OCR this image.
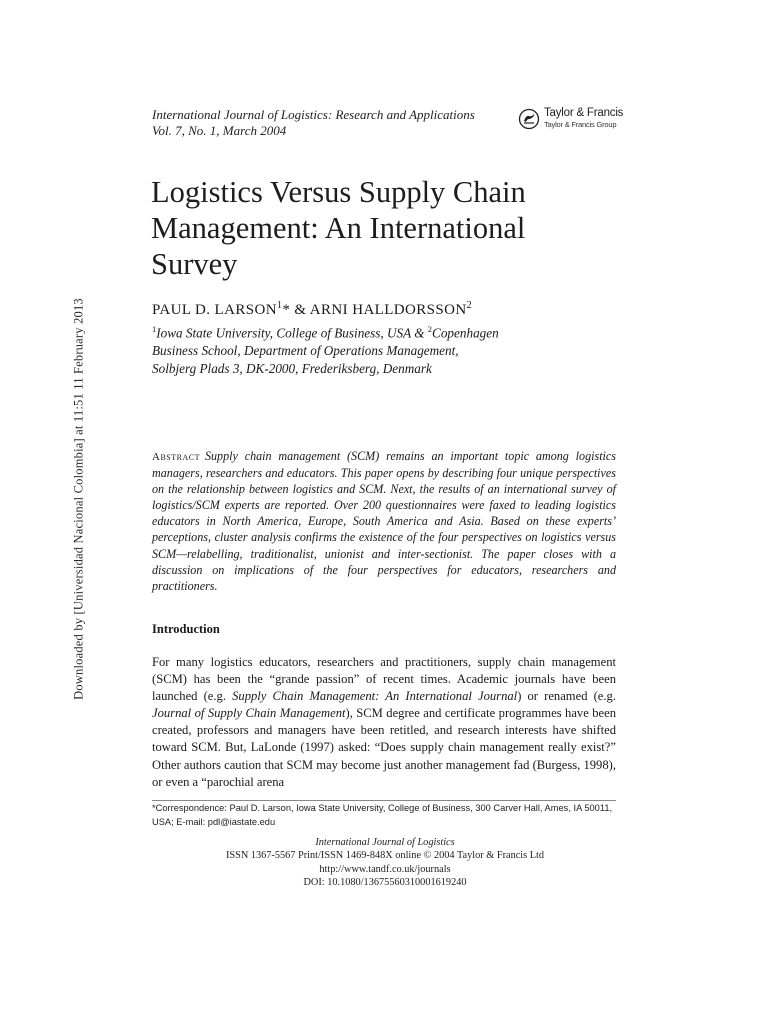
Downloaded by [Universidad Nacional Colombia] at 11:51 11 February 2013
International Journal of Logistics: Research and Applications
Vol. 7, No. 1, March 2004
Taylor & Francis
Taylor & Francis Group
Logistics Versus Supply Chain
Management: An International
Survey
PAUL D. LARSON$^1$* & ARNI HALLDORSSON$^2$
$^1$Iowa State University, College of Business, USA & $^2$Copenhagen
Business School, Department of Operations Management,
Solbjerg Plads 3, DK-2000, Frederiksberg, Denmark

Abstract Supply chain management (SCM) remains an important topic among logistics managers, researchers and educators. This paper opens by describing four unique perspectives on the relationship between logistics and SCM. Next, the results of an international survey of logistics/SCM experts are reported. Over 200 questionnaires were faxed to leading logistics educators in North America, Europe, South America and Asia. Based on these experts’ perceptions, cluster analysis confirms the existence of the four perspectives on logistics versus SCM—relabelling, traditionalist, unionist and inter-sectionist. The paper closes with a discussion on implications of the four perspectives for educators, researchers and practitioners.

Introduction

For many logistics educators, researchers and practitioners, supply chain management (SCM) has been the “grande passion” of recent times. Academic journals have been launched (e.g. Supply Chain Management: An International Journal) or renamed (e.g. Journal of Supply Chain Management), SCM degree and certificate programmes have been created, professors and managers have been retitled, and research interests have shifted toward SCM. But, LaLonde (1997) asked: “Does supply chain management really exist?” Other authors caution that SCM may become just another management fad (Burgess, 1998), or even a “parochial arena

*Correspondence: Paul D. Larson, Iowa State University, College of Business, 300 Carver Hall, Ames, IA 50011, USA; E-mail: pdl@iastate.edu
International Journal of Logistics
ISSN 1367-5567 Print/ISSN 1469-848X online © 2004 Taylor & Francis Ltd
http://www.tandf.co.uk/journals
DOI: 10.1080/13675560310001619240
